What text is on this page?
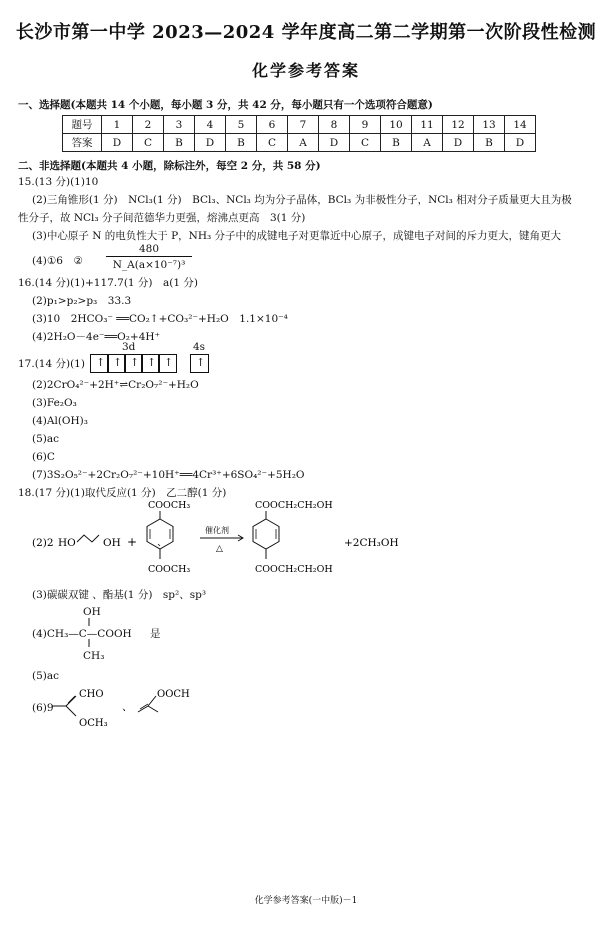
长沙市第一中学 2023—2024 学年度高二第二学期第一次阶段性检测
化学参考答案
一、选择题(本题共 14 个小题，每小题 3 分，共 42 分，每小题只有一个选项符合题意)
题号	1	2	3	4	5	6	7	8	9	10	11	12	13	14
答案	D	C	B	D	B	C	A	D	C	B	A	D	B	D
二、非选择题(本题共 4 小题，除标注外，每空 2 分，共 58 分)
15.(13 分)(1)10
(2)三角锥形(1 分)　NCl₃(1 分)　BCl₃、NCl₃ 均为分子晶体，BCl₃ 为非极性分子，NCl₃ 相对分子质量更大且为极
性分子，故 NCl₃ 分子间范德华力更强，熔沸点更高　3(1 分)
(3)中心原子 N 的电负性大于 P，NH₃ 分子中的成键电子对更靠近中心原子，成键电子对间的斥力更大，键角更大
(4)①6　②
480
N_A(a×10⁻⁷)³
16.(14 分)(1)+117.7(1 分)　a(1 分)
(2)p₁>p₂>p₃　33.3
(3)10　2HCO₃⁻ ══CO₂↑+CO₃²⁻+H₂O　1.1×10⁻⁴
(4)2H₂O－4e⁻══O₂+4H⁺
3d	4s
17.(14 分)(1) ↑ ↑ ↑ ↑ ↑ ↑
(2)2CrO₄²⁻+2H⁺⇌Cr₂O₇²⁻+H₂O
(3)Fe₂O₃
(4)Al(OH)₃
(5)ac
(6)C
(7)3S₂O₅²⁻+2Cr₂O₇²⁻+10H⁺══4Cr³⁺+6SO₄²⁻+5H₂O
18.(17 分)(1)取代反应(1 分)　乙二醇(1 分)
(2)2 HO	OH +
COOCH₃
COOCH₃
催化剂
△
COOCH₂CH₂OH
COOCH₂CH₂OH
+2CH₃OH
(3)碳碳双键 、酯基(1 分)　sp²、sp³
OH
(4)CH₃—C—COOH 是
CH₃
(5)ac
(6)9
CHO
OCH₃
、
OOCH
化学参考答案(一中版)－1
